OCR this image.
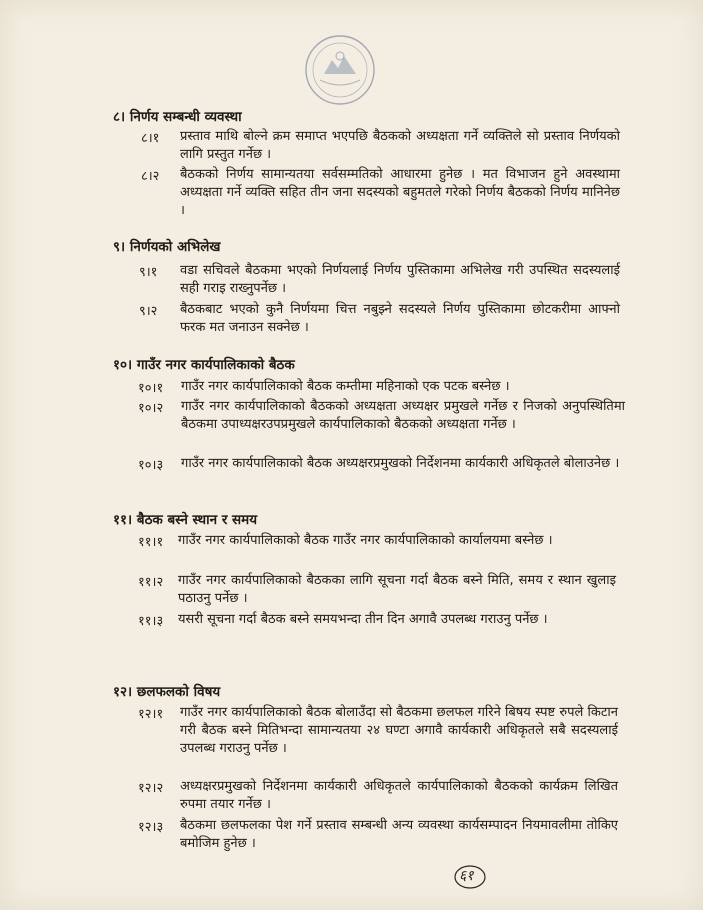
८। निर्णय सम्बन्धी व्यवस्था
८।१ प्रस्ताव माथि बोल्ने क्रम समाप्त भएपछि बैठकको अध्यक्षता गर्ने व्यक्तिले सो प्रस्ताव निर्णयको लागि प्रस्तुत गर्नेछ ।
८।२ बैठकको निर्णय सामान्यतया सर्वसम्मतिको आधारमा हुनेछ । मत विभाजन हुने अवस्थामा अध्यक्षता गर्ने व्यक्ति सहित तीन जना सदस्यको बहुमतले गरेको निर्णय बैठकको निर्णय मानिनेछ ।
९। निर्णयको अभिलेख
९।१ वडा सचिवले बैठकमा भएको निर्णयलाई निर्णय पुस्तिकामा अभिलेख गरी उपस्थित सदस्यलाई सही गराइ राख्नुपर्नेछ ।
९।२ बैठकबाट भएको कुनै निर्णयमा चित्त नबुझ्ने सदस्यले निर्णय पुस्तिकामा छोटकरीमा आफ्नो फरक मत जनाउन सक्नेछ ।
१०। गाउँर नगर कार्यपालिकाको बैठक
१०।१ गाउँर नगर कार्यपालिकाको बैठक कम्तीमा महिनाको एक पटक बस्नेछ ।
१०।२ गाउँर नगर कार्यपालिकाको बैठकको अध्यक्षता अध्यक्षर प्रमुखले गर्नेछ र निजको अनुपस्थितिमा बैठकमा उपाध्यक्षरउपप्रमुखले कार्यपालिकाको बैठकको अध्यक्षता गर्नेछ ।
१०।३ गाउँर नगर कार्यपालिकाको बैठक अध्यक्षरप्रमुखको निर्देशनमा कार्यकारी अधिकृतले बोलाउनेछ ।
११। बैठक बस्ने स्थान र समय
११।१ गाउँर नगर कार्यपालिकाको बैठक गाउँर नगर कार्यपालिकाको कार्यालयमा बस्नेछ ।
११।२ गाउँर नगर कार्यपालिकाको बैठकका लागि सूचना गर्दा बैठक बस्ने मिति, समय र स्थान खुलाइ पठाउनु पर्नेछ ।
११।३ यसरी सूचना गर्दा बैठक बस्ने समयभन्दा तीन दिन अगावै उपलब्ध गराउनु पर्नेछ ।
१२। छलफलको विषय
१२।१ गाउँर नगर कार्यपालिकाको बैठक बोलाउँदा सो बैठकमा छलफल गरिने बिषय स्पष्ट रुपले किटान गरी बैठक बस्ने मितिभन्दा सामान्यतया २४ घण्टा अगावै कार्यकारी अधिकृतले सबै सदस्यलाई उपलब्ध गराउनु पर्नेछ ।
१२।२ अध्यक्षरप्रमुखको निर्देशनमा कार्यकारी अधिकृतले कार्यपालिकाको बैठकको कार्यक्रम लिखित रुपमा तयार गर्नेछ ।
१२।३ बैठकमा छलफलका पेश गर्ने प्रस्ताव सम्बन्धी अन्य व्यवस्था कार्यसम्पादन नियमावलीमा तोकिए बमोजिम हुनेछ ।
६१
